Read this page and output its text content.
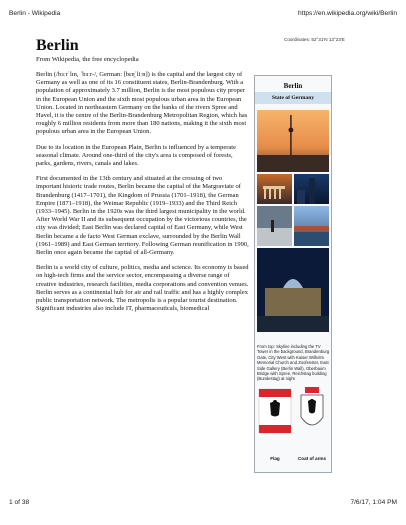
Berlin - Wikipedia	https://en.wikipedia.org/wiki/Berlin
Coordinates: 52°31′N 13°23′E
Berlin
From Wikipedia, the free encyclopedia

Berlin (/bɜːrˈlɪn, ˈbɜːr-/, German: [bɛɐ̯ˈliːn]) is the capital and the largest city of Germany as well as one of its 16 constituent states, Berlin-Brandenburg. With a population of approximately 3.7 million, Berlin is the most populous city proper in the European Union and the sixth most populous urban area in the European Union. Located in northeastern Germany on the banks of the rivers Spree and Havel, it is the centre of the Berlin-Brandenburg Metropolitan Region, which has roughly 6 million residents from more than 180 nations, making it the sixth most populous urban area in the European Union.

Due to its location in the European Plain, Berlin is influenced by a temperate seasonal climate. Around one-third of the city's area is composed of forests, parks, gardens, rivers, canals and lakes.

First documented in the 13th century and situated at the crossing of two important historic trade routes, Berlin became the capital of the Margraviate of Brandenburg (1417–1701), the Kingdom of Prussia (1701–1918), the German Empire (1871–1918), the Weimar Republic (1919–1933) and the Third Reich (1933–1945). Berlin in the 1920s was the third largest municipality in the world. After World War II and its subsequent occupation by the victorious countries, the city was divided; East Berlin was declared capital of East Germany, while West Berlin became a de facto West German exclave, surrounded by the Berlin Wall (1961–1989) and East German territory. Following German reunification in 1990, Berlin once again became the capital of all-Germany.

Berlin is a world city of culture, politics, media and science. Its economy is based on high-tech firms and the service sector, encompassing a diverse range of creative industries, research facilities, media corporations and convention venues. Berlin serves as a continental hub for air and rail traffic and has a highly complex public transportation network. The metropolis is a popular tourist destination. Significant industries also include IT, pharmaceuticals, biomedical

Berlin
State of Germany
From top: Skyline including the TV Tower in the background, Brandenburg Gate, City West with Kaiser Wilhelm Memorial Church and Zoofenster, East Side Gallery (Berlin Wall), Oberbaum Bridge with Spree, Reichstag building (Bundestag) at night
Flag	Coat of arms
1 of 38	7/6/17, 1:04 PM
